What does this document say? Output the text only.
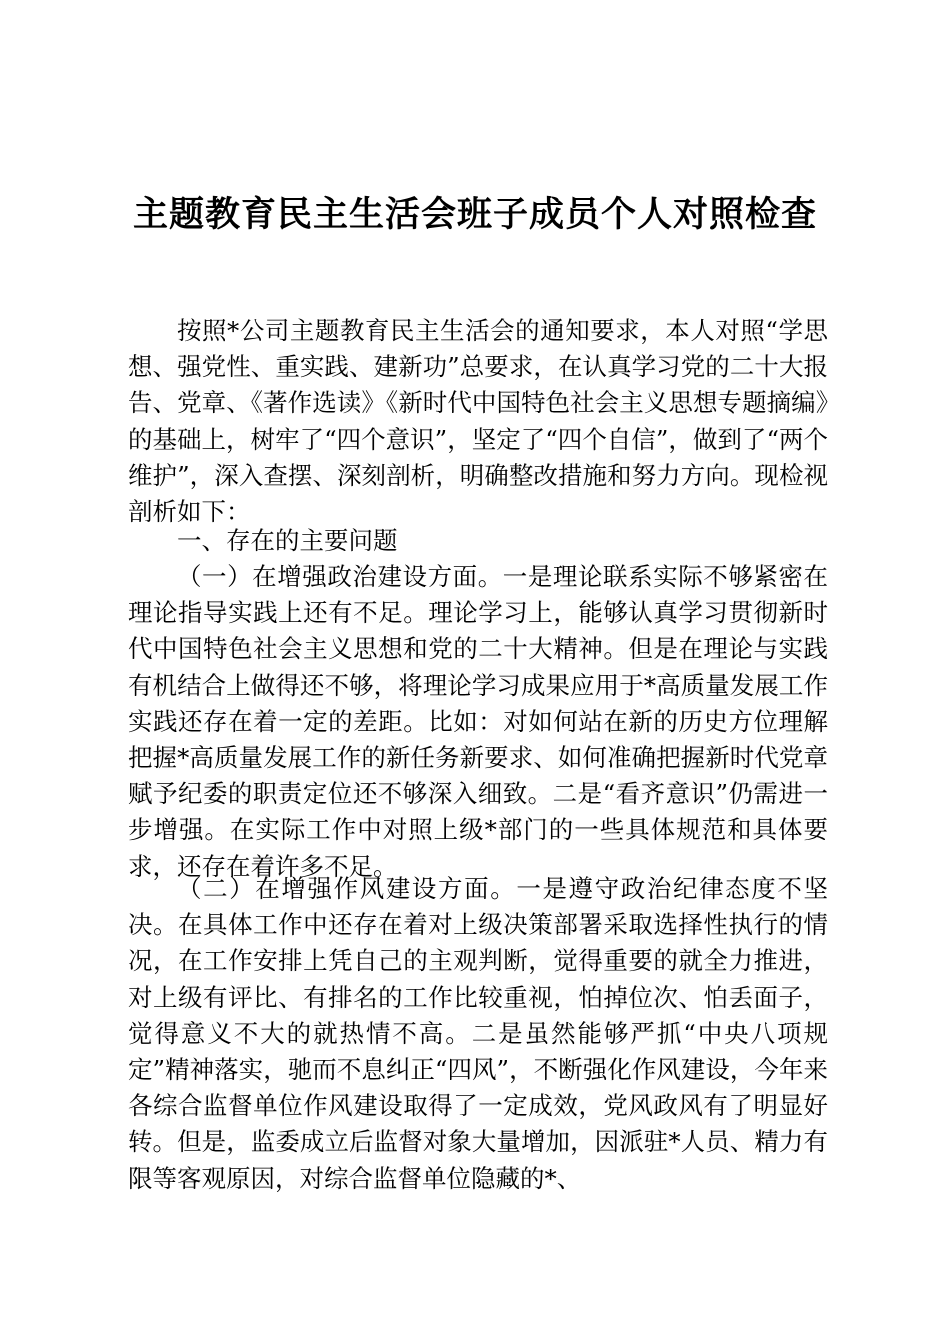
主题教育民主生活会班子成员个人对照检查

按照*公司主题教育民主生活会的通知要求，本人对照“学思想、强党性、重实践、建新功”总要求，在认真学习党的二十大报告、党章、《著作选读》《新时代中国特色社会主义思想专题摘编》的基础上，树牢了“四个意识”，坚定了“四个自信”，做到了“两个维护”，深入查摆、深刻剖析，明确整改措施和努力方向。现检视剖析如下：

一、存在的主要问题

（一）在增强政治建设方面。一是理论联系实际不够紧密在理论指导实践上还有不足。理论学习上，能够认真学习贯彻新时代中国特色社会主义思想和党的二十大精神。但是在理论与实践有机结合上做得还不够，将理论学习成果应用于*高质量发展工作实践还存在着一定的差距。比如：对如何站在新的历史方位理解把握*高质量发展工作的新任务新要求、如何准确把握新时代党章赋予纪委的职责定位还不够深入细致。二是“看齐意识”仍需进一步增强。在实际工作中对照上级*部门的一些具体规范和具体要求，还存在着许多不足。

（二）在增强作风建设方面。一是遵守政治纪律态度不坚决。在具体工作中还存在着对上级决策部署采取选择性执行的情况，在工作安排上凭自己的主观判断，觉得重要的就全力推进，对上级有评比、有排名的工作比较重视，怕掉位次、怕丢面子，觉得意义不大的就热情不高。二是虽然能够严抓“中央八项规定”精神落实，驰而不息纠正“四风”，不断强化作风建设，今年来各综合监督单位作风建设取得了一定成效，党风政风有了明显好转。但是，监委成立后监督对象大量增加，因派驻*人员、精力有限等客观原因，对综合监督单位隐藏的*、
